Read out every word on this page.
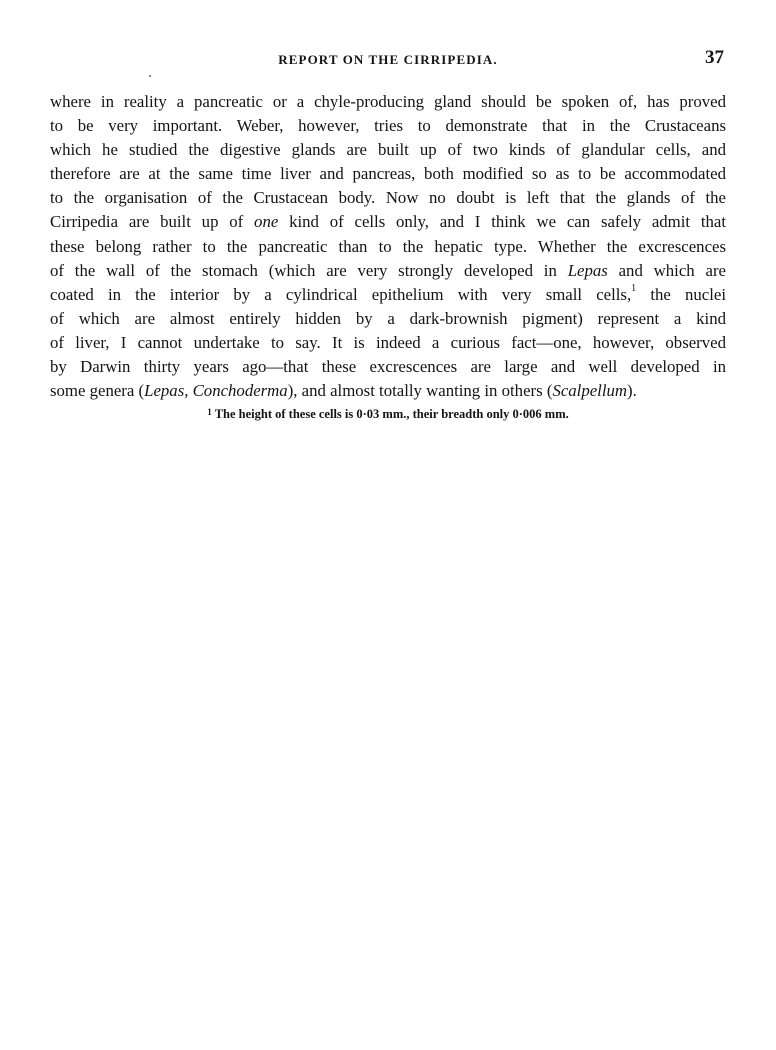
REPORT ON THE CIRRIPEDIA.	37
where in reality a pancreatic or a chyle-producing gland should be spoken of, has proved
to be very important. Weber, however, tries to demonstrate that in the Crustaceans
which he studied the digestive glands are built up of two kinds of glandular cells, and
therefore are at the same time liver and pancreas, both modified so as to be accommodated
to the organisation of the Crustacean body. Now no doubt is left that the glands of the
Cirripedia are built up of one kind of cells only, and I think we can safely admit that
these belong rather to the pancreatic than to the hepatic type. Whether the excrescences
of the wall of the stomach (which are very strongly developed in Lepas and which are
coated in the interior by a cylindrical epithelium with very small cells,$^1$ the nuclei
of which are almost entirely hidden by a dark-brownish pigment) represent a kind
of liver, I cannot undertake to say. It is indeed a curious fact—one, however, observed
by Darwin thirty years ago—that these excrescences are large and well developed in
some genera (Lepas, Conchoderma), and almost totally wanting in others (Scalpellum).
$^1$ The height of these cells is 0·03 mm., their breadth only 0·006 mm.
